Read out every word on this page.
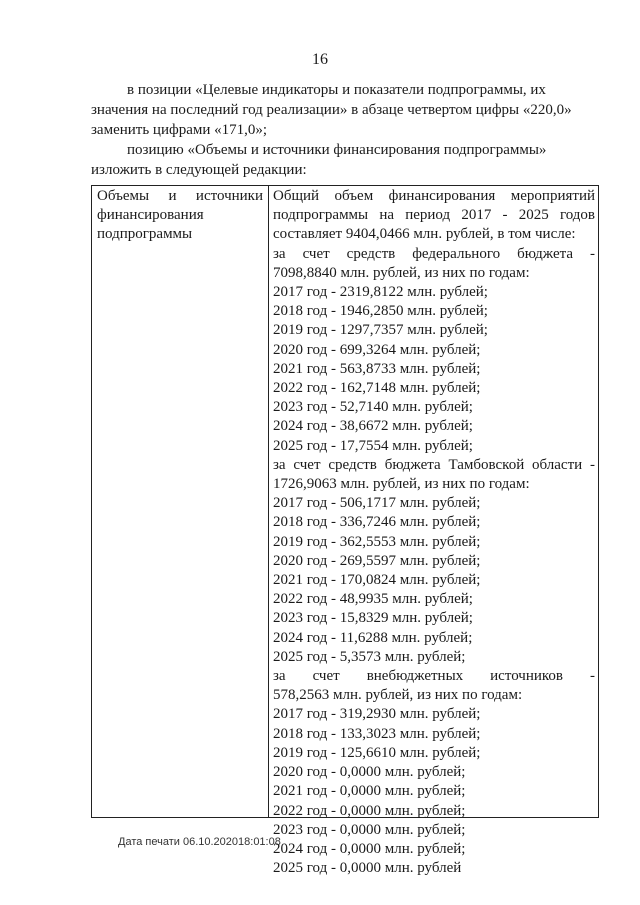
16

в позиции «Целевые индикаторы и показатели подпрограммы, их

значения на последний год реализации» в абзаце четвертом цифры «220,0»

заменить цифрами «171,0»;

позицию «Объемы и источники финансирования подпрограммы»

изложить в следующей редакции:

Объемы и источники
финансирования
подпрограммы
Общий объем финансирования мероприятий
подпрограммы на период 2017 - 2025 годов
составляет 9404,0466 млн. рублей, в том числе:
за счет средств федерального бюджета -
7098,8840 млн. рублей, из них по годам:
2017 год - 2319,8122 млн. рублей;
2018 год - 1946,2850 млн. рублей;
2019 год - 1297,7357 млн. рублей;
2020 год - 699,3264 млн. рублей;
2021 год - 563,8733 млн. рублей;
2022 год - 162,7148 млн. рублей;
2023 год - 52,7140 млн. рублей;
2024 год - 38,6672 млн. рублей;
2025 год - 17,7554 млн. рублей;
за счет средств бюджета Тамбовской области -
1726,9063 млн. рублей, из них по годам:
2017 год - 506,1717 млн. рублей;
2018 год - 336,7246 млн. рублей;
2019 год - 362,5553 млн. рублей;
2020 год - 269,5597 млн. рублей;
2021 год - 170,0824 млн. рублей;
2022 год - 48,9935 млн. рублей;
2023 год - 15,8329 млн. рублей;
2024 год - 11,6288 млн. рублей;
2025 год - 5,3573 млн. рублей;
за счет внебюджетных источников -
578,2563 млн. рублей, из них по годам:
2017 год - 319,2930 млн. рублей;
2018 год - 133,3023 млн. рублей;
2019 год - 125,6610 млн. рублей;
2020 год - 0,0000 млн. рублей;
2021 год - 0,0000 млн. рублей;
2022 год - 0,0000 млн. рублей;
2023 год - 0,0000 млн. рублей;
2024 год - 0,0000 млн. рублей;
2025 год - 0,0000 млн. рублей
Дата печати 06.10.202018:01:08
